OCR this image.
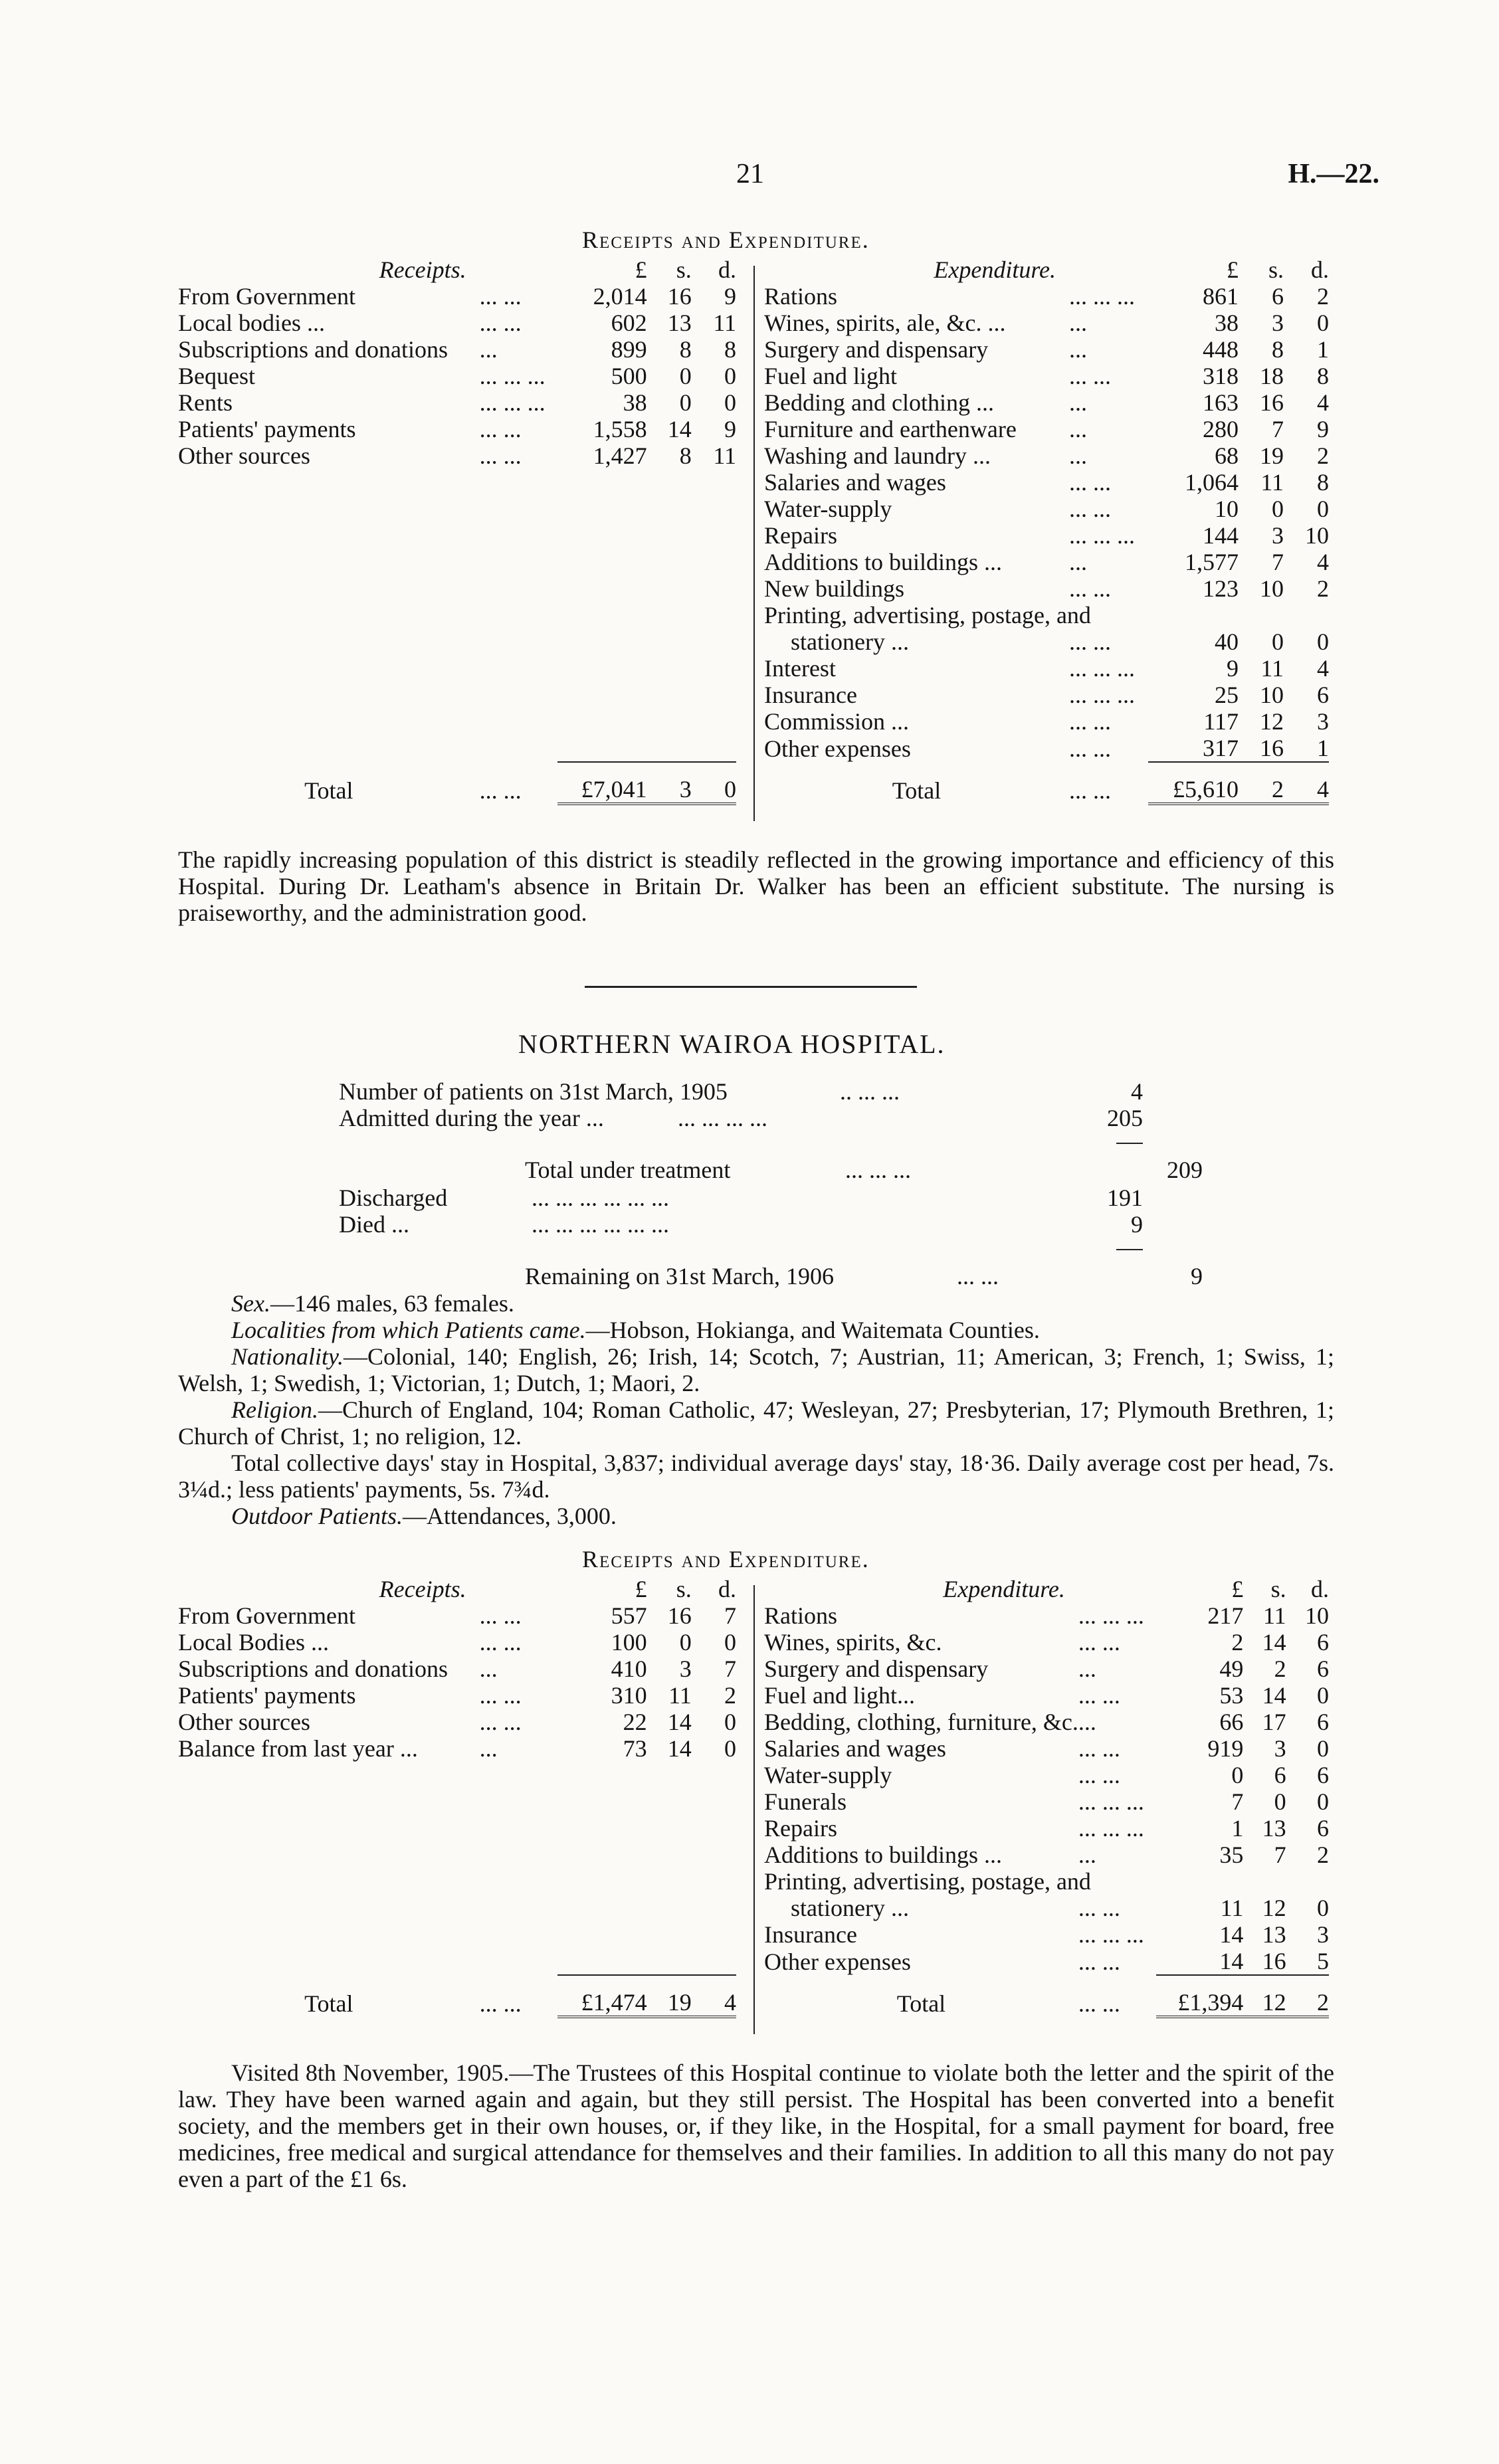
21	H.—22.
Receipts and Expenditure.
Receipts.		£	s.	d.
From Government	... ...	2,014	16	9
Local bodies ...	... ...	602	13	11
Subscriptions and donations	...	899	8	8
Bequest	... ... ...	500	0	0
Rents	... ... ...	38	0	0
Patients' payments	... ...	1,558	14	9
Other sources	... ...	1,427	8	11

Total	... ...	£7,041	3	0
Expenditure.		£	s.	d.
Rations	... ... ...	861	6	2
Wines, spirits, ale, &c. ...	...	38	3	0
Surgery and dispensary	...	448	8	1
Fuel and light	... ...	318	18	8
Bedding and clothing ...	...	163	16	4
Furniture and earthenware	...	280	7	9
Washing and laundry ...	...	68	19	2
Salaries and wages	... ...	1,064	11	8
Water-supply	... ...	10	0	0
Repairs	... ... ...	144	3	10
Additions to buildings ...	...	1,577	7	4
New buildings	... ...	123	10	2
Printing, advertising, postage, and				
stationery ...	... ...	40	0	0
Interest	... ... ...	9	11	4
Insurance	... ... ...	25	10	6
Commission ...	... ...	117	12	3
Other expenses	... ...	317	16	1
Total	... ...	£5,610	2	4

The rapidly increasing population of this district is steadily reflected in the growing importance and efficiency of this Hospital. During Dr. Leatham's absence in Britain Dr. Walker has been an efficient substitute. The nursing is praiseworthy, and the administration good.

NORTHERN WAIROA HOSPITAL.
Number of patients on 31st March, 1905	.. ... ...	4
Admitted during the year ...	... ... ... ...	205
Total under treatment	... ... ...	209
Discharged	... ... ... ... ... ...	191
Died ...	... ... ... ... ... ...	9
Remaining on 31st March, 1906	... ...	9

Sex.—146 males, 63 females.

Localities from which Patients came.—Hobson, Hokianga, and Waitemata Counties.

Nationality.—Colonial, 140; English, 26; Irish, 14; Scotch, 7; Austrian, 11; American, 3; French, 1; Swiss, 1; Welsh, 1; Swedish, 1; Victorian, 1; Dutch, 1; Maori, 2.

Religion.—Church of England, 104; Roman Catholic, 47; Wesleyan, 27; Presbyterian, 17; Plymouth Brethren, 1; Church of Christ, 1; no religion, 12.

Total collective days' stay in Hospital, 3,837; individual average days' stay, 18·36. Daily average cost per head, 7s. 3¼d.; less patients' payments, 5s. 7¾d.

Outdoor Patients.—Attendances, 3,000.

Receipts and Expenditure.
Receipts.		£	s.	d.
From Government	... ...	557	16	7
Local Bodies ...	... ...	100	0	0
Subscriptions and donations	...	410	3	7
Patients' payments	... ...	310	11	2
Other sources	... ...	22	14	0
Balance from last year ...	...	73	14	0

Total	... ...	£1,474	19	4
Expenditure.		£	s.	d.
Rations	... ... ...	217	11	10
Wines, spirits, &c.	... ...	2	14	6
Surgery and dispensary	...	49	2	6
Fuel and light...	... ...	53	14	0
Bedding, clothing, furniture, &c.	...	66	17	6
Salaries and wages	... ...	919	3	0
Water-supply	... ...	0	6	6
Funerals	... ... ...	7	0	0
Repairs	... ... ...	1	13	6
Additions to buildings ...	...	35	7	2
Printing, advertising, postage, and				
stationery ...	... ...	11	12	0
Insurance	... ... ...	14	13	3
Other expenses	... ...	14	16	5
Total	... ...	£1,394	12	2

Visited 8th November, 1905.—The Trustees of this Hospital continue to violate both the letter and the spirit of the law. They have been warned again and again, but they still persist. The Hospital has been converted into a benefit society, and the members get in their own houses, or, if they like, in the Hospital, for a small payment for board, free medicines, free medical and surgical attendance for themselves and their families. In addition to all this many do not pay even a part of the £1 6s.
